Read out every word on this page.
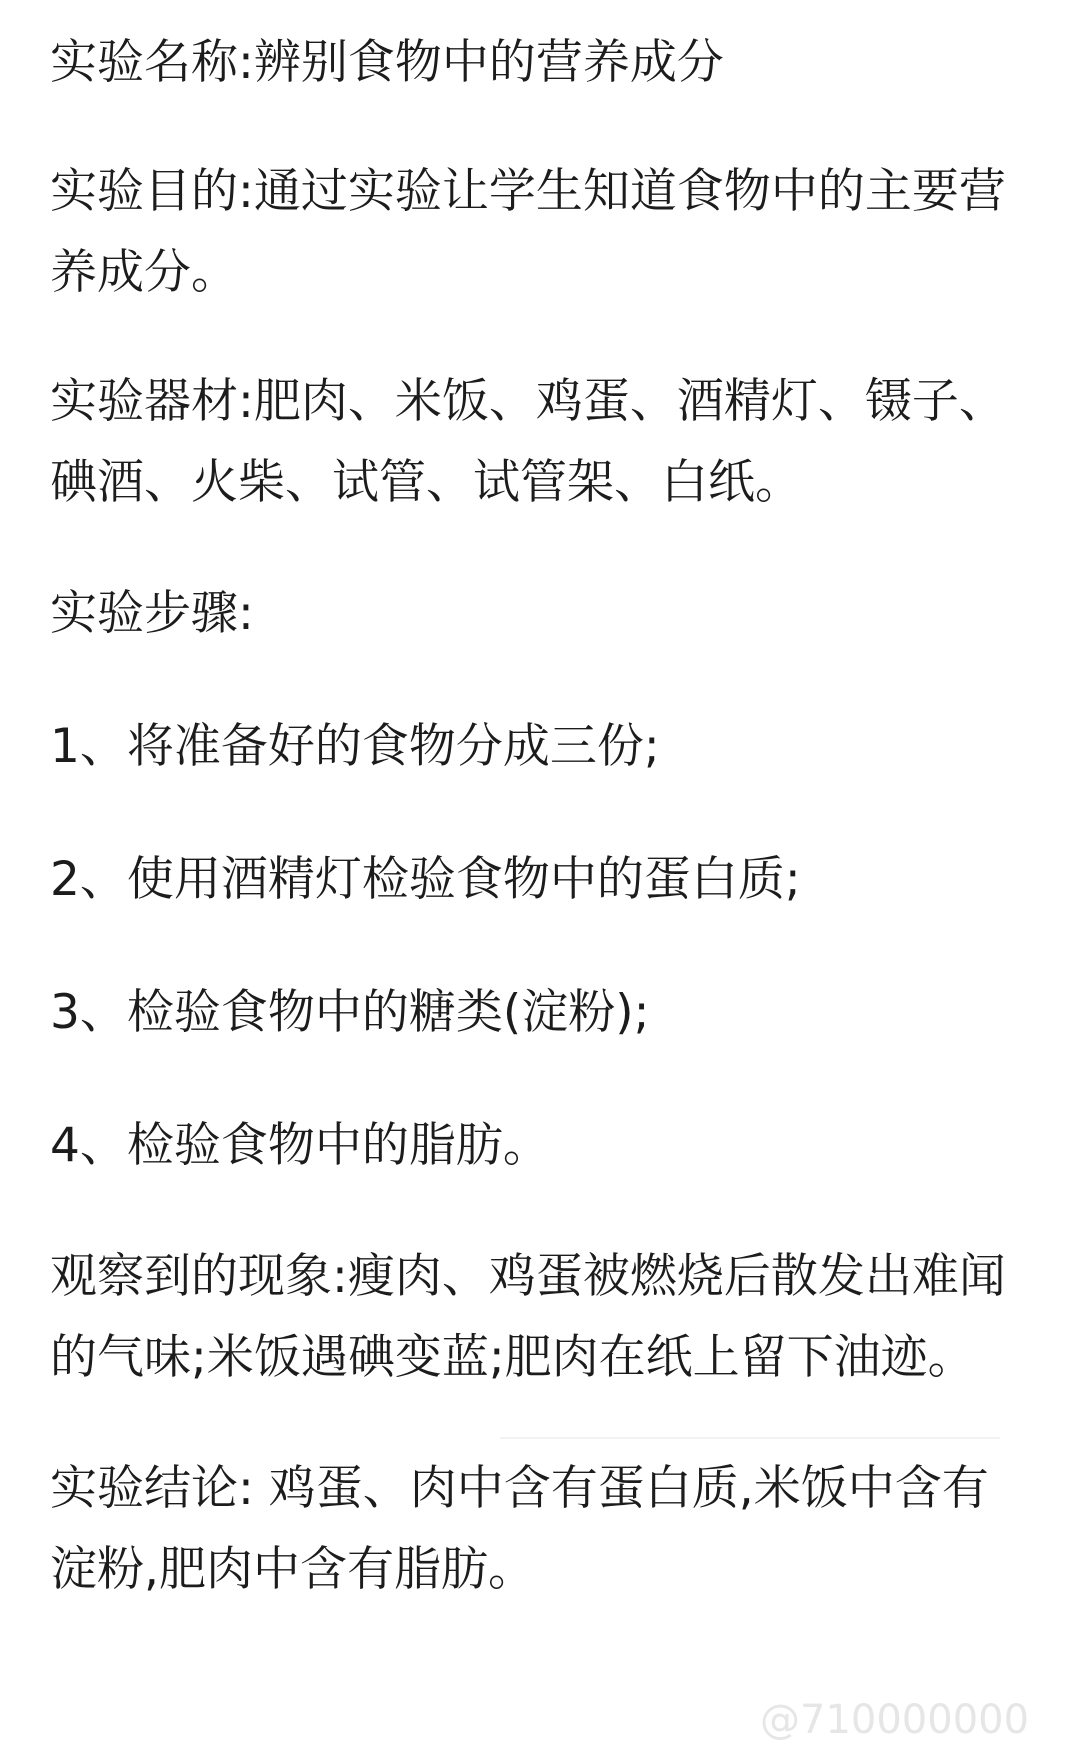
实验名称:辨别食物中的营养成分

实验目的:通过实验让学生知道食物中的主要营养成分。

实验器材:肥肉、米饭、鸡蛋、酒精灯、镊子、碘酒、火柴、试管、试管架、白纸。

实验步骤:

1、将准备好的食物分成三份;

2、使用酒精灯检验食物中的蛋白质;

3、检验食物中的糖类(淀粉);

4、检验食物中的脂肪。

观察到的现象:瘦肉、鸡蛋被燃烧后散发出难闻的气味;米饭遇碘变蓝;肥肉在纸上留下油迹。

实验结论: 鸡蛋、肉中含有蛋白质,米饭中含有淀粉,肥肉中含有脂肪。

@710000000
